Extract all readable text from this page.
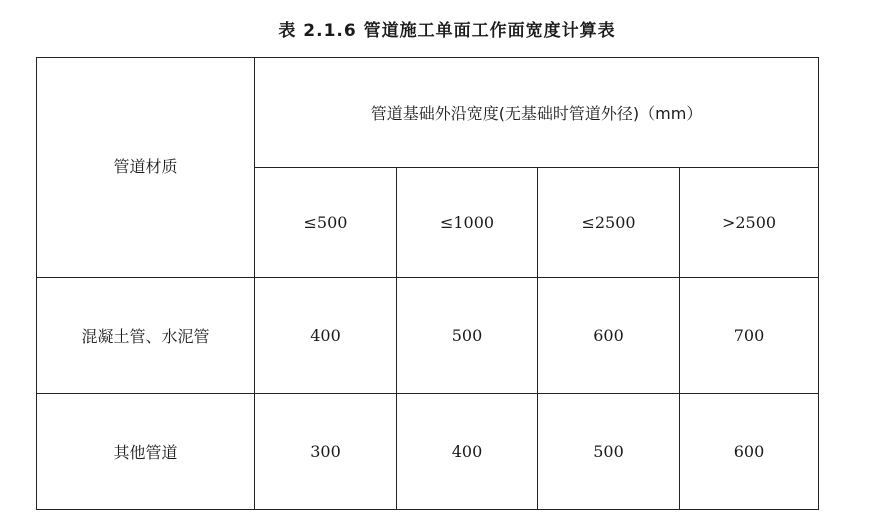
表 2.1.6 管道施工单面工作面宽度计算表
管道材质	管道基础外沿宽度(无基础时管道外径)（mm）			
	≤500	≤1000	≤2500	>2500
混凝土管、水泥管	400	500	600	700
其他管道	300	400	500	600
